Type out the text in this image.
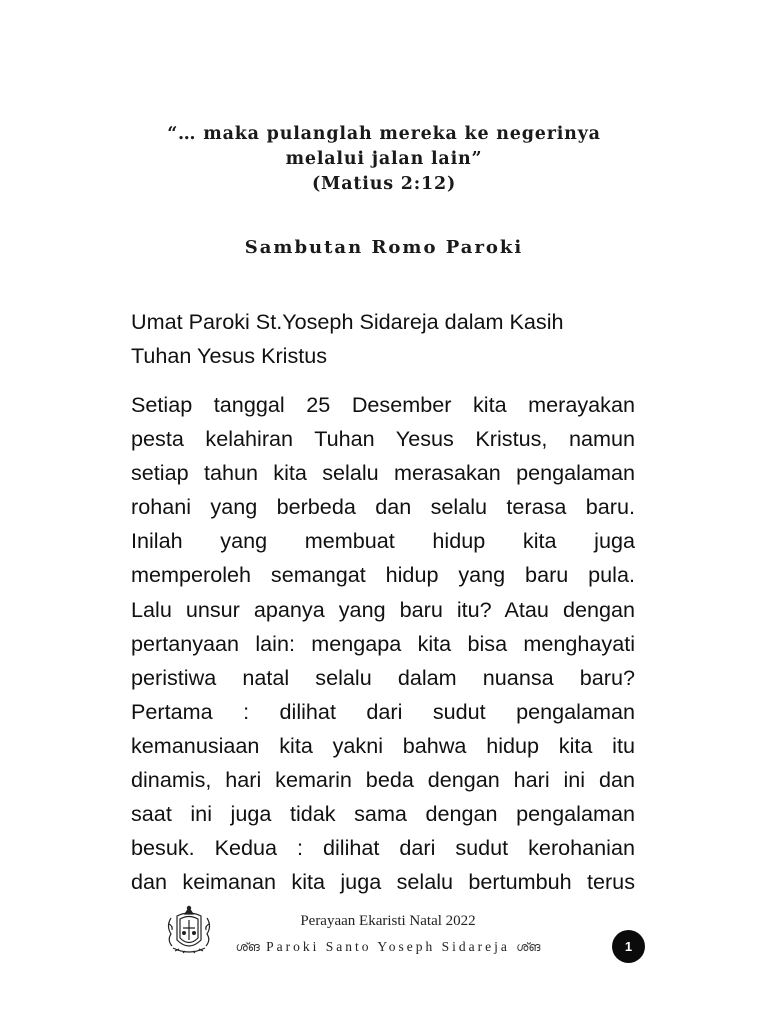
“… maka pulanglah mereka ke negerinya
melalui jalan lain”
(Matius 2:12)
Sambutan Romo Paroki
Umat Paroki St.Yoseph Sidareja dalam Kasih
Tuhan Yesus Kristus
Setiap tanggal 25 Desember kita merayakan
pesta kelahiran Tuhan Yesus Kristus, namun
setiap tahun kita selalu merasakan pengalaman
rohani yang berbeda dan selalu terasa baru.
Inilah yang membuat hidup kita juga
memperoleh semangat hidup yang baru pula.
Lalu unsur apanya yang baru itu? Atau dengan
pertanyaan lain: mengapa kita bisa menghayati
peristiwa natal selalu dalam nuansa baru?
Pertama : dilihat dari sudut pengalaman
kemanusiaan kita yakni bahwa hidup kita itu
dinamis, hari kemarin beda dengan hari ini dan
saat ini juga tidak sama dengan pengalaman
besuk. Kedua : dilihat dari sudut kerohanian
dan keimanan kita juga selalu bertumbuh terus
Perayaan Ekaristi Natal 2022
ശ്ങ Paroki Santo Yoseph Sidareja ശ്ങ	1
